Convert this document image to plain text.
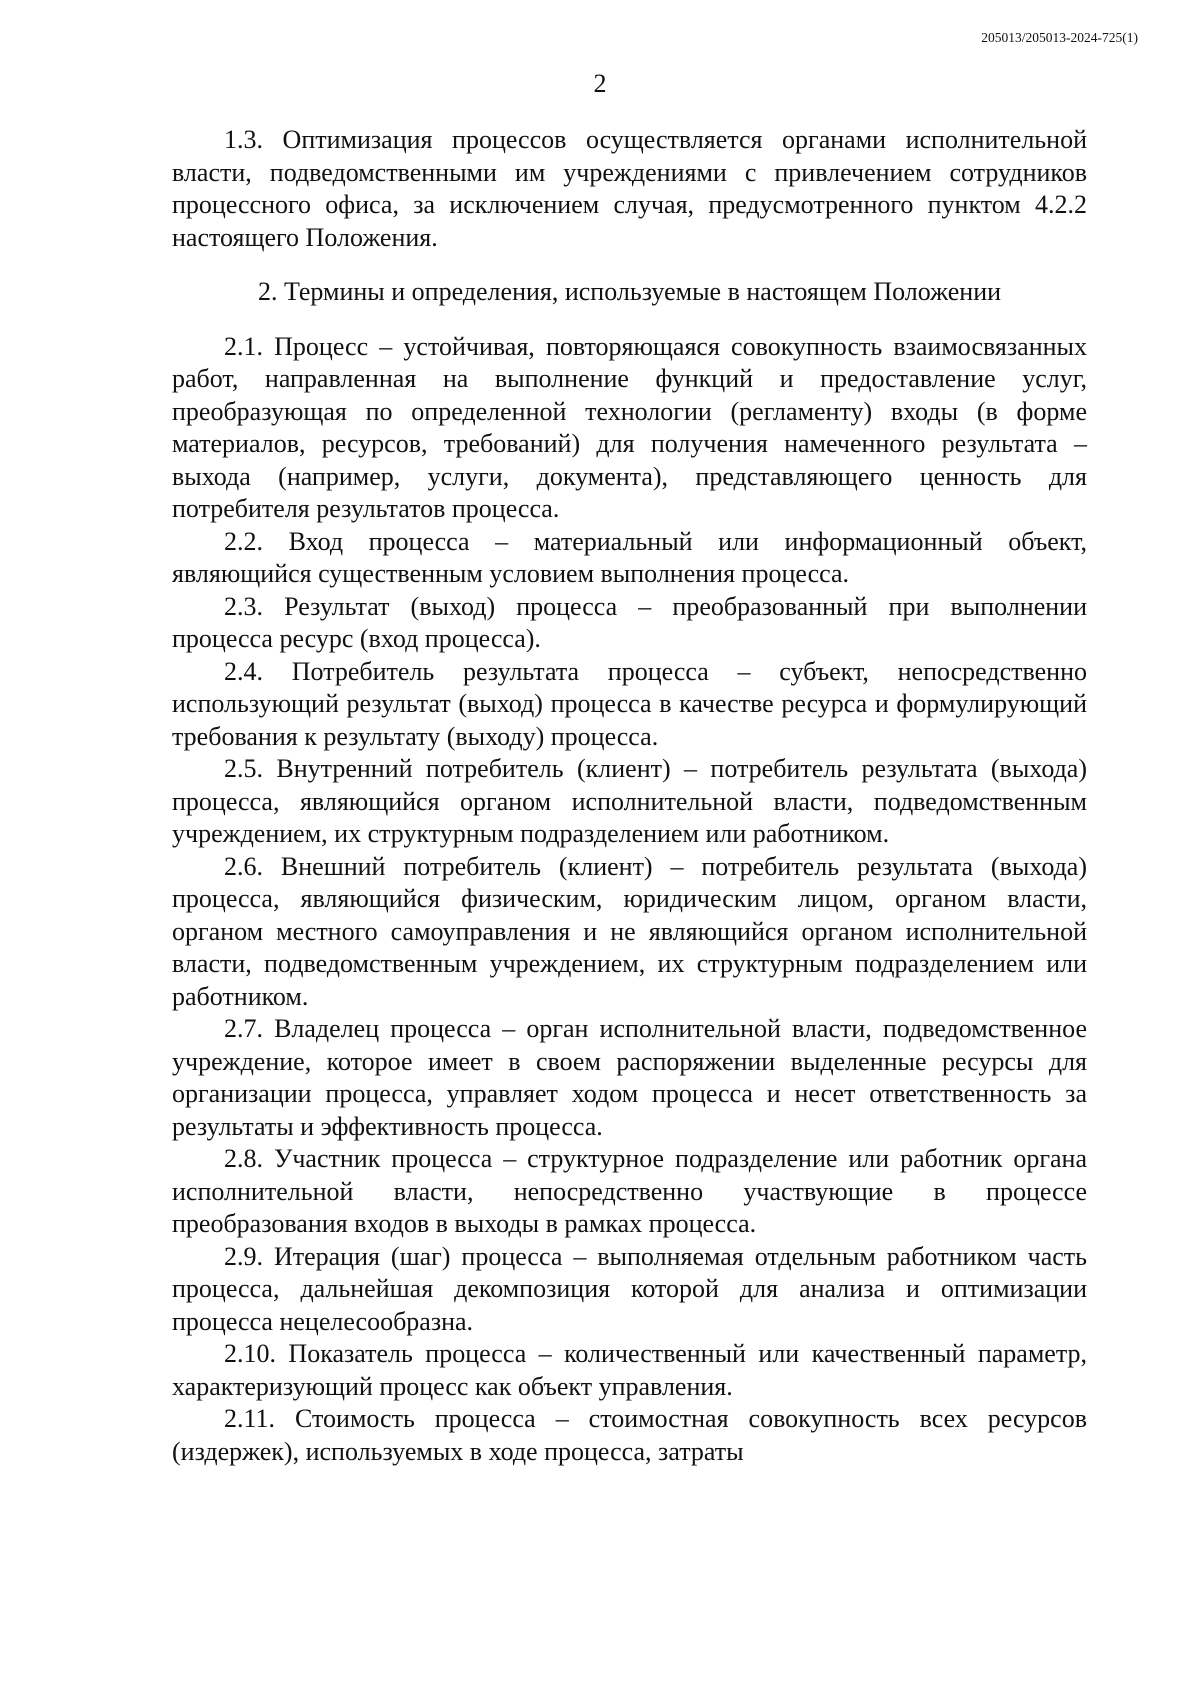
205013/205013-2024-725(1)
2

1.3. Оптимизация процессов осуществляется органами исполнительной власти, подведомственными им учреждениями с привлечением сотрудников процессного офиса, за исключением случая, предусмотренного пунктом 4.2.2 настоящего Положения.

2. Термины и определения, используемые в настоящем Положении

2.1. Процесс – устойчивая, повторяющаяся совокупность взаимосвязанных работ, направленная на выполнение функций и предоставление услуг, преобразующая по определенной технологии (регламенту) входы (в форме материалов, ресурсов, требований) для получения намеченного результата – выхода (например, услуги, документа), представляющего ценность для потребителя результатов процесса.

2.2. Вход процесса – материальный или информационный объект, являющийся существенным условием выполнения процесса.

2.3. Результат (выход) процесса – преобразованный при выполнении процесса ресурс (вход процесса).

2.4. Потребитель результата процесса – субъект, непосредственно использующий результат (выход) процесса в качестве ресурса и формулирующий требования к результату (выходу) процесса.

2.5. Внутренний потребитель (клиент) – потребитель результата (выхода) процесса, являющийся органом исполнительной власти, подведомственным учреждением, их структурным подразделением или работником.

2.6. Внешний потребитель (клиент) – потребитель результата (выхода) процесса, являющийся физическим, юридическим лицом, органом власти, органом местного самоуправления и не являющийся органом исполнительной власти, подведомственным учреждением, их структурным подразделением или работником.

2.7. Владелец процесса – орган исполнительной власти, подведомственное учреждение, которое имеет в своем распоряжении выделенные ресурсы для организации процесса, управляет ходом процесса и несет ответственность за результаты и эффективность процесса.

2.8. Участник процесса – структурное подразделение или работник органа исполнительной власти, непосредственно участвующие в процессе преобразования входов в выходы в рамках процесса.

2.9. Итерация (шаг) процесса – выполняемая отдельным работником часть процесса, дальнейшая декомпозиция которой для анализа и оптимизации процесса нецелесообразна.

2.10. Показатель процесса – количественный или качественный параметр, характеризующий процесс как объект управления.

2.11. Стоимость процесса – стоимостная совокупность всех ресурсов (издержек), используемых в ходе процесса, затраты
